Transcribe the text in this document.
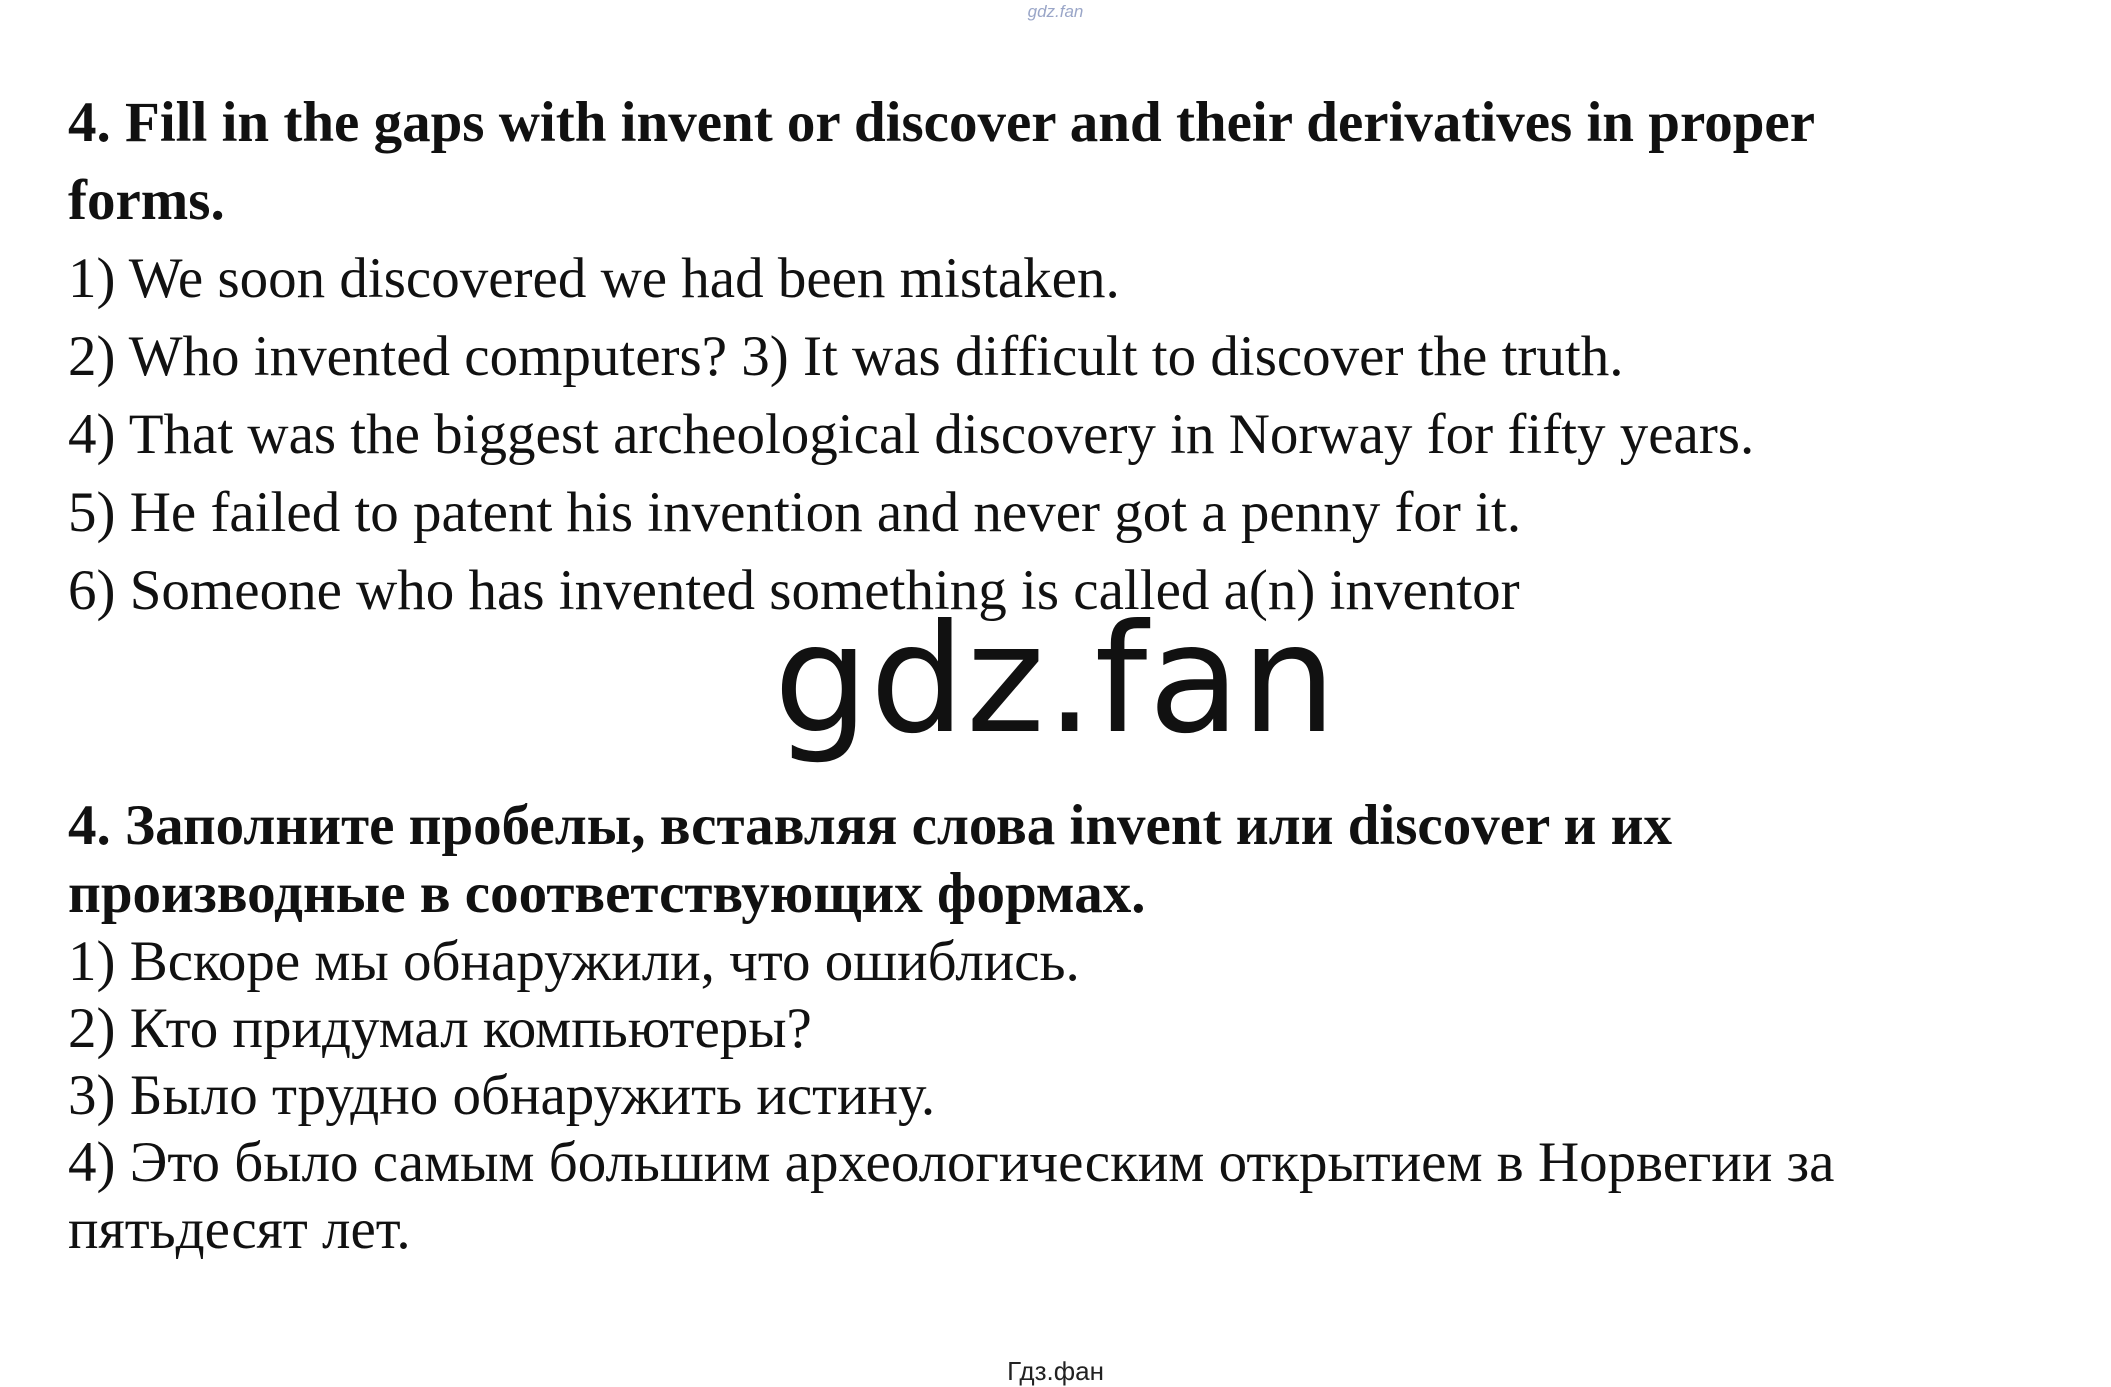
gdz.fan

4. Fill in the gaps with invent or discover and their derivatives in proper forms.

1) We soon discovered we had been mistaken.

2) Who invented computers? 3) It was difficult to discover the truth.

4) That was the biggest archeological discovery in Norway for fifty years.

5) He failed to patent his invention and never got a penny for it.

6) Someone who has invented something is called a(n) inventor

gdz.fan

4. Заполните пробелы, вставляя слова invent или discover и их производные в соответствующих формах.

1) Вскоре мы обнаружили, что ошиблись.

2) Кто придумал компьютеры?

3) Было трудно обнаружить истину.

4) Это было самым большим археологическим открытием в Норвегии за пятьдесят лет.

Гдз.фан
